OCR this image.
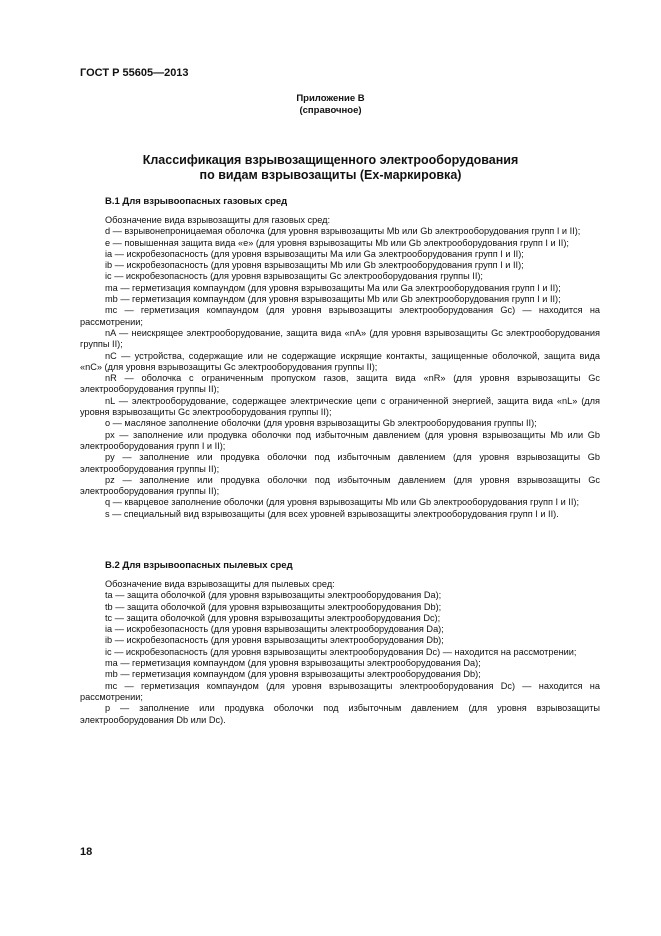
ГОСТ Р 55605—2013
Приложение В
(справочное)
Классификация взрывозащищенного электрооборудования
по видам взрывозащиты (Ех-маркировка)
В.1 Для взрывоопасных газовых сред

Обозначение вида взрывозащиты для газовых сред:

d — взрывонепроницаемая оболочка (для уровня взрывозащиты Mb или Gb электрооборудования групп I и II);

е — повышенная защита вида «е» (для уровня взрывозащиты Mb или Gb электрооборудования групп I и II);

ia — искробезопасность (для уровня взрывозащиты Ма или Ga электрооборудования групп I и II);

ib — искробезопасность (для уровня взрывозащиты Mb или Gb электрооборудования групп I и II);

ic — искробезопасность (для уровня взрывозащиты Gc электрооборудования группы II);

ma — герметизация компаундом (для уровня взрывозащиты Ма или Ga электрооборудования групп I и II);

mb — герметизация компаундом (для уровня взрывозащиты Mb или Gb электрооборудования групп I и II);

mc — герметизация компаундом (для уровня взрывозащиты электрооборудования Gc) — находится на рассмотрении;

nA — неискрящее электрооборудование, защита вида «nA» (для уровня взрывозащиты Gc электрооборудования группы II);

nC — устройства, содержащие или не содержащие искрящие контакты, защищенные оболочкой, защита вида «nC» (для уровня взрывозащиты Gc электрооборудования группы II);

nR — оболочка с ограниченным пропуском газов, защита вида «nR» (для уровня взрывозащиты Gc электрооборудования группы II);

nL — электрооборудование, содержащее электрические цепи с ограниченной энергией, защита вида «nL» (для уровня взрывозащиты Gc электрооборудования группы II);

о — масляное заполнение оболочки (для уровня взрывозащиты Gb электрооборудования группы II);

px — заполнение или продувка оболочки под избыточным давлением (для уровня взрывозащиты Mb или Gb электрооборудования групп I и II);

py — заполнение или продувка оболочки под избыточным давлением (для уровня взрывозащиты Gb электрооборудования группы II);

pz — заполнение или продувка оболочки под избыточным давлением (для уровня взрывозащиты Gc электрооборудования группы II);

q — кварцевое заполнение оболочки (для уровня взрывозащиты Mb или Gb электрооборудования групп I и II);

s — специальный вид взрывозащиты (для всех уровней взрывозащиты электрооборудования групп I и II).

В.2 Для взрывоопасных пылевых сред

Обозначение вида взрывозащиты для пылевых сред:

ta — защита оболочкой (для уровня взрывозащиты электрооборудования Da);

tb — защита оболочкой (для уровня взрывозащиты электрооборудования Db);

tc — защита оболочкой (для уровня взрывозащиты электрооборудования Dc);

ia — искробезопасность (для уровня взрывозащиты электрооборудования Da);

ib — искробезопасность (для уровня взрывозащиты электрооборудования Db);

ic — искробезопасность (для уровня взрывозащиты электрооборудования Dc) — находится на рассмотрении;

ma — герметизация компаундом (для уровня взрывозащиты электрооборудования Da);

mb — герметизация компаундом (для уровня взрывозащиты электрооборудования Db);

mc — герметизация компаундом (для уровня взрывозащиты электрооборудования Dc) — находится на рассмотрении;

р — заполнение или продувка оболочки под избыточным давлением (для уровня взрывозащиты электрооборудования Db или Dc).

18
